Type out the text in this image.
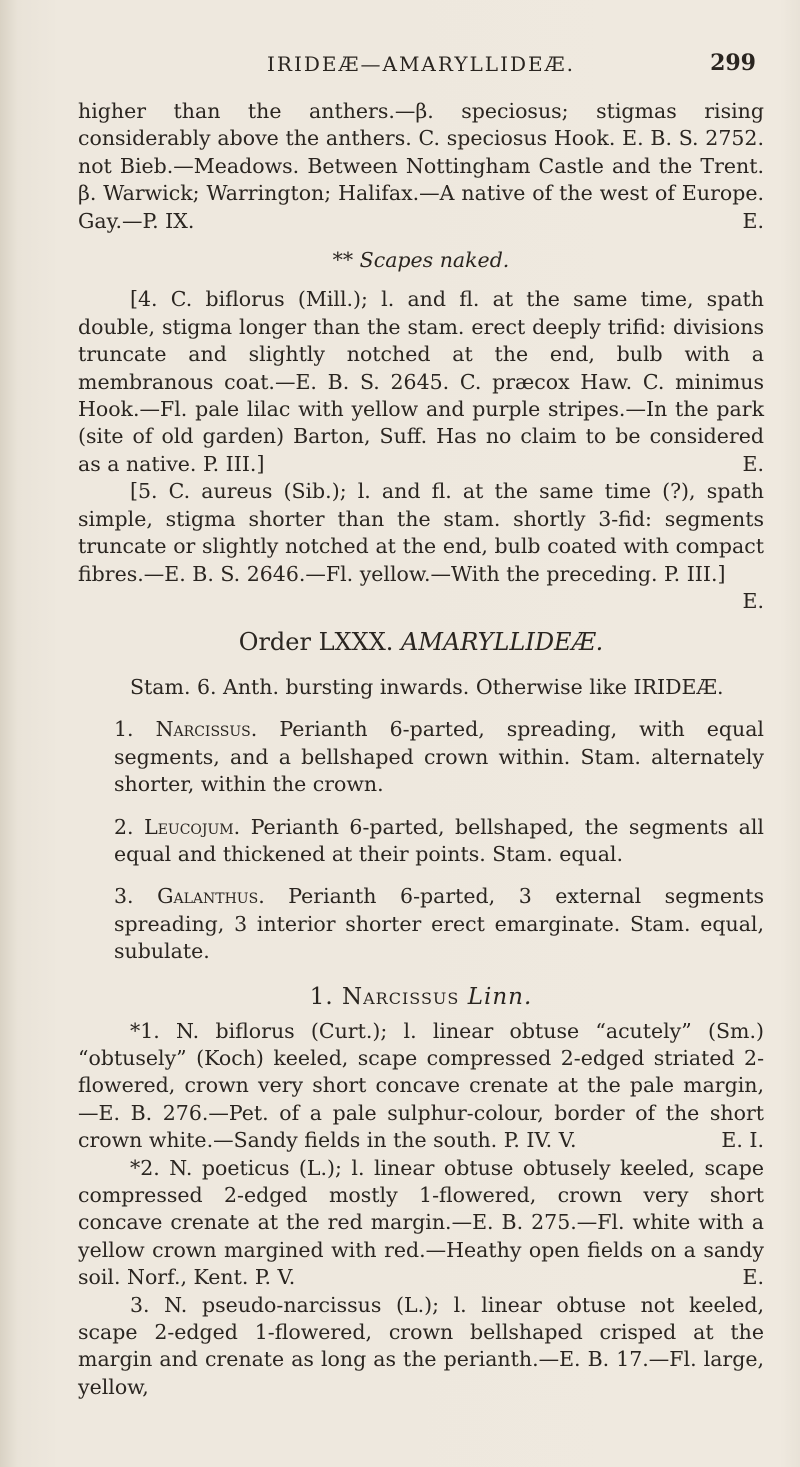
IRIDEÆ—AMARYLLIDEÆ.	299

higher than the anthers.—β. speciosus; stigmas rising considerably above the anthers. C. speciosus Hook. E. B. S. 2752. not Bieb.—Meadows. Between Nottingham Castle and the Trent. β. Warwick; Warrington; Halifax.—A native of the west of Europe. Gay.—P. IX.	E.

** Scapes naked.

[4. C. biflorus (Mill.); l. and fl. at the same time, spath double, stigma longer than the stam. erect deeply trifid: divisions truncate and slightly notched at the end, bulb with a membranous coat.—E. B. S. 2645. C. præcox Haw. C. minimus Hook.—Fl. pale lilac with yellow and purple stripes.—In the park (site of old garden) Barton, Suff. Has no claim to be considered as a native. P. III.]	E.

[5. C. aureus (Sib.); l. and fl. at the same time (?), spath simple, stigma shorter than the stam. shortly 3-fid: segments truncate or slightly notched at the end, bulb coated with compact fibres.—E. B. S. 2646.—Fl. yellow.—With the preceding. P. III.]
E.

Order LXXX. AMARYLLIDEÆ.

Stam. 6. Anth. bursting inwards. Otherwise like IRIDEÆ.

1. Narcissus. Perianth 6-parted, spreading, with equal segments, and a bellshaped crown within. Stam. alternately shorter, within the crown.

2. Leucojum. Perianth 6-parted, bellshaped, the segments all equal and thickened at their points. Stam. equal.

3. Galanthus. Perianth 6-parted, 3 external segments spreading, 3 interior shorter erect emarginate. Stam. equal, subulate.

1. Narcissus Linn.

*1. N. biflorus (Curt.); l. linear obtuse “acutely” (Sm.) “obtusely” (Koch) keeled, scape compressed 2-edged striated 2-flowered, crown very short concave crenate at the pale margin, —E. B. 276.—Pet. of a pale sulphur-colour, border of the short crown white.—Sandy fields in the south. P. IV. V.	E. I.

*2. N. poeticus (L.); l. linear obtuse obtusely keeled, scape compressed 2-edged mostly 1-flowered, crown very short concave crenate at the red margin.—E. B. 275.—Fl. white with a yellow crown margined with red.—Heathy open fields on a sandy soil. Norf., Kent. P. V.	E.

3. N. pseudo-narcissus (L.); l. linear obtuse not keeled, scape 2-edged 1-flowered, crown bellshaped crisped at the margin and crenate as long as the perianth.—E. B. 17.—Fl. large, yellow,
